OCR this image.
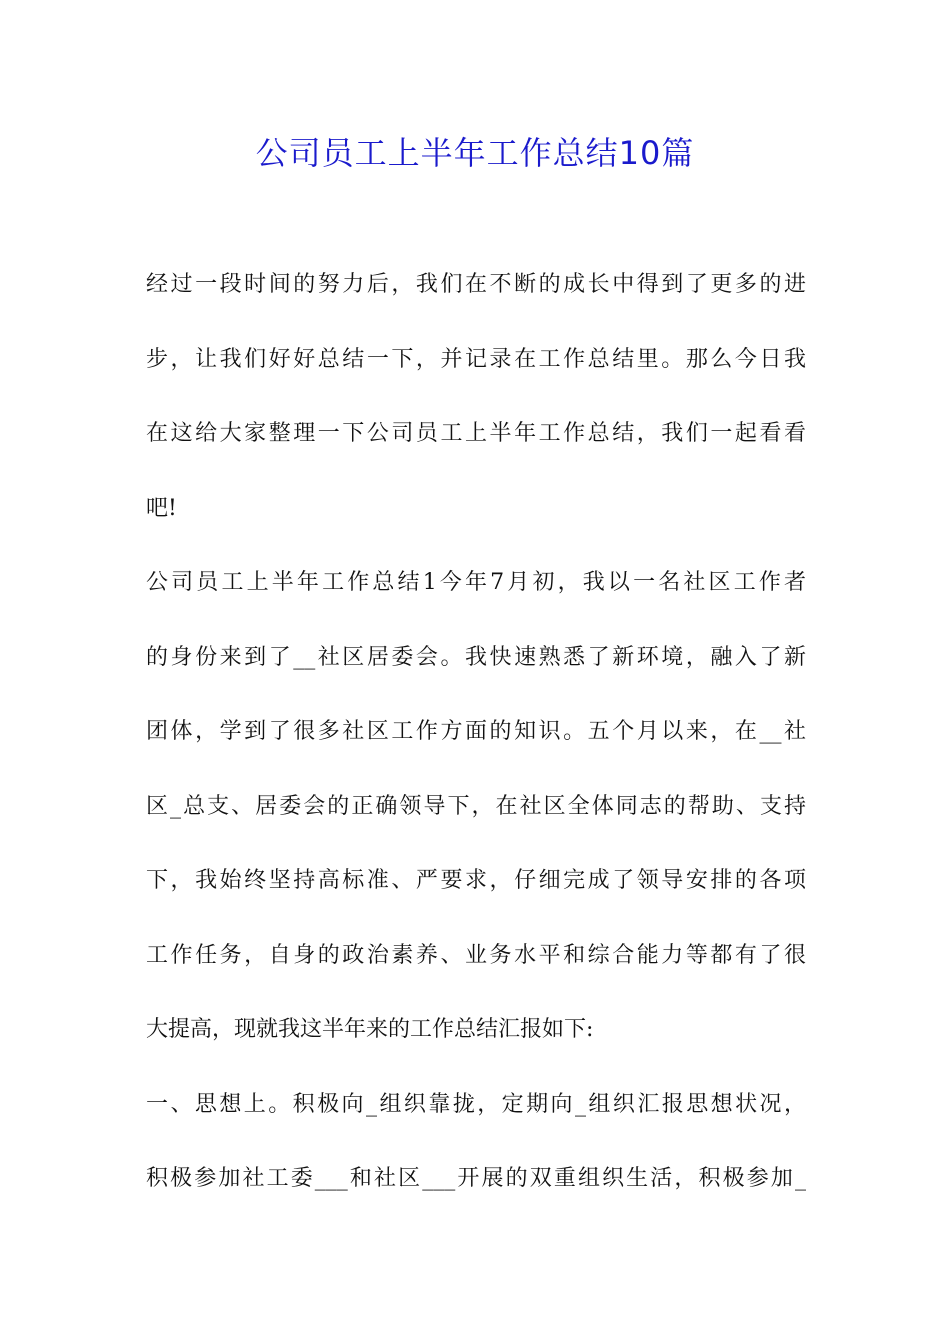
公司员工上半年工作总结10篇
经过一段时间的努力后，我们在不断的成长中得到了更多的进
步，让我们好好总结一下，并记录在工作总结里。那么今日我
在这给大家整理一下公司员工上半年工作总结，我们一起看看
吧!
公司员工上半年工作总结1今年7月初，我以一名社区工作者
的身份来到了__社区居委会。我快速熟悉了新环境，融入了新
团体，学到了很多社区工作方面的知识。五个月以来，在__社
区_总支、居委会的正确领导下，在社区全体同志的帮助、支持
下，我始终坚持高标准、严要求，仔细完成了领导安排的各项
工作任务，自身的政治素养、业务水平和综合能力等都有了很
大提高，现就我这半年来的工作总结汇报如下:
一、思想上。积极向_组织靠拢，定期向_组织汇报思想状况，
积极参加社工委___和社区___开展的双重组织生活，积极参加_
